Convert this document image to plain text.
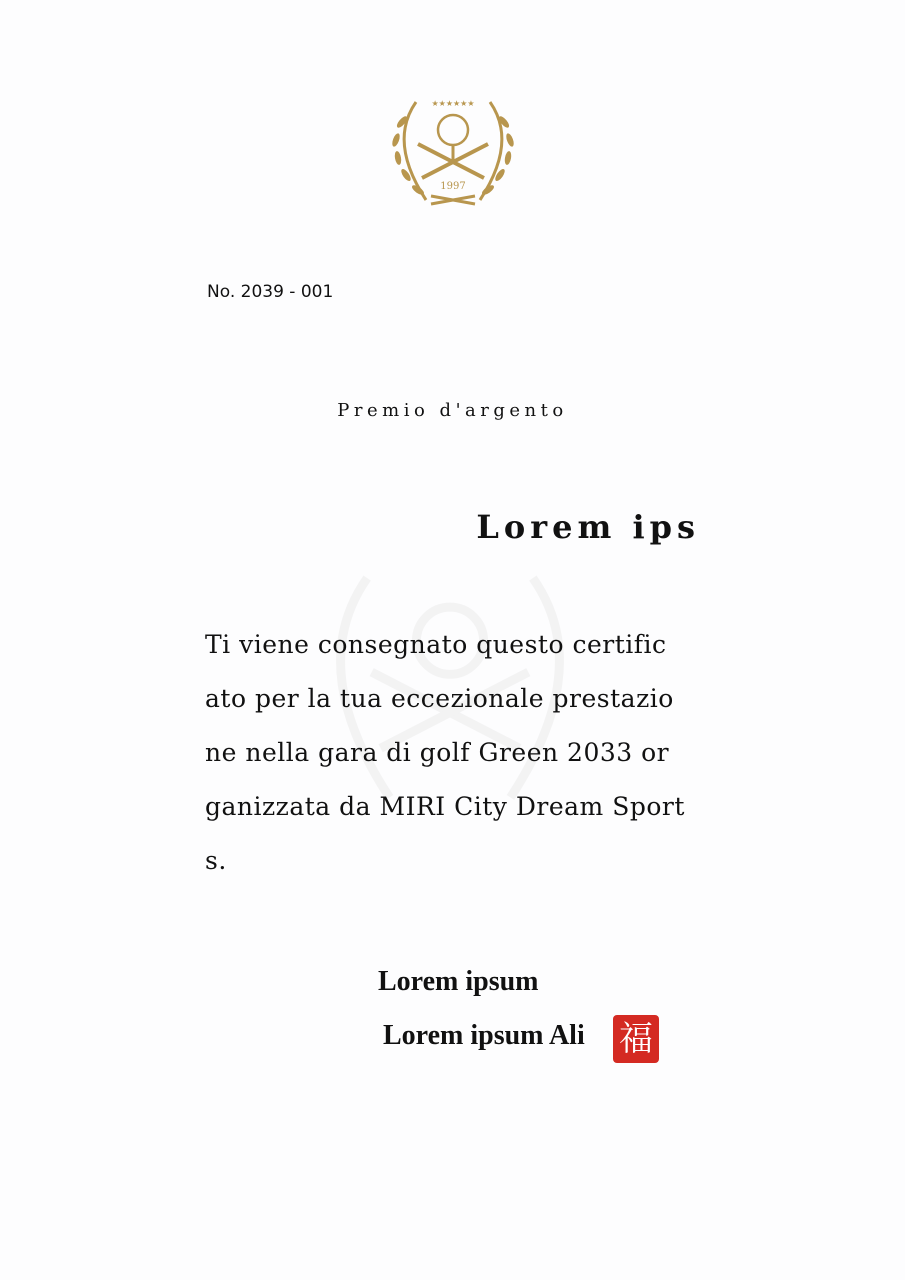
★★★★★★
1997
No. 2039 - 001
Premio d'argento
Lorem ips
Ti viene consegnato questo certific
ato per la tua eccezionale prestazio
ne nella gara di golf Green 2033 or
ganizzata da MIRI City Dream Sport
s.
Lorem ipsum
Lorem ipsum Ali 福
